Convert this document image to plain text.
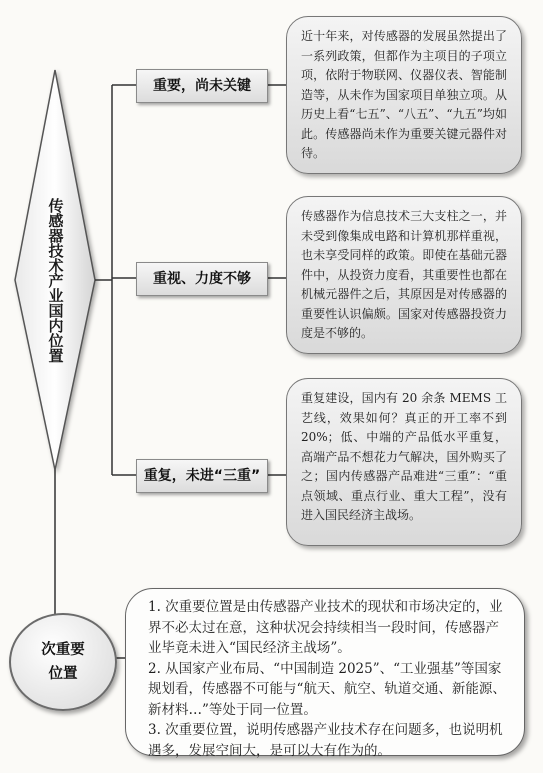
传感器技术产业国内位置
重要，尚未关键
近十年来，对传感器的发展虽然提出了一系列政策，但都作为主项目的子项立项，依附于物联网、仪器仪表、智能制造等，从未作为国家项目单独立项。从历史上看“七五”、“八五”、“九五”均如此。传感器尚未作为重要关键元器件对待。
重视、力度不够
传感器作为信息技术三大支柱之一，并未受到像集成电路和计算机那样重视，也未享受同样的政策。即使在基础元器件中，从投资力度看，其重要性也都在机械元器件之后，其原因是对传感器的重要性认识偏颇。国家对传感器投资力度是不够的。
重复，未进“三重”
重复建设，国内有 20 余条 MEMS 工艺线，效果如何？真正的开工率不到 20%；低、中端的产品低水平重复，高端产品不想花力气解决，国外购买了之；国内传感器产品难进“三重”：“重点领域、重点行业、重大工程”，没有进入国民经济主战场。
次重要位置

1. 次重要位置是由传感器产业技术的现状和市场决定的，业界不必太过在意，这种状况会持续相当一段时间，传感器产业毕竟未进入“国民经济主战场”。

2. 从国家产业布局、“中国制造 2025”、“工业强基”等国家规划看，传感器不可能与“航天、航空、轨道交通、新能源、新材料…”等处于同一位置。

3. 次重要位置，说明传感器产业技术存在问题多，也说明机遇多，发展空间大，是可以大有作为的。
